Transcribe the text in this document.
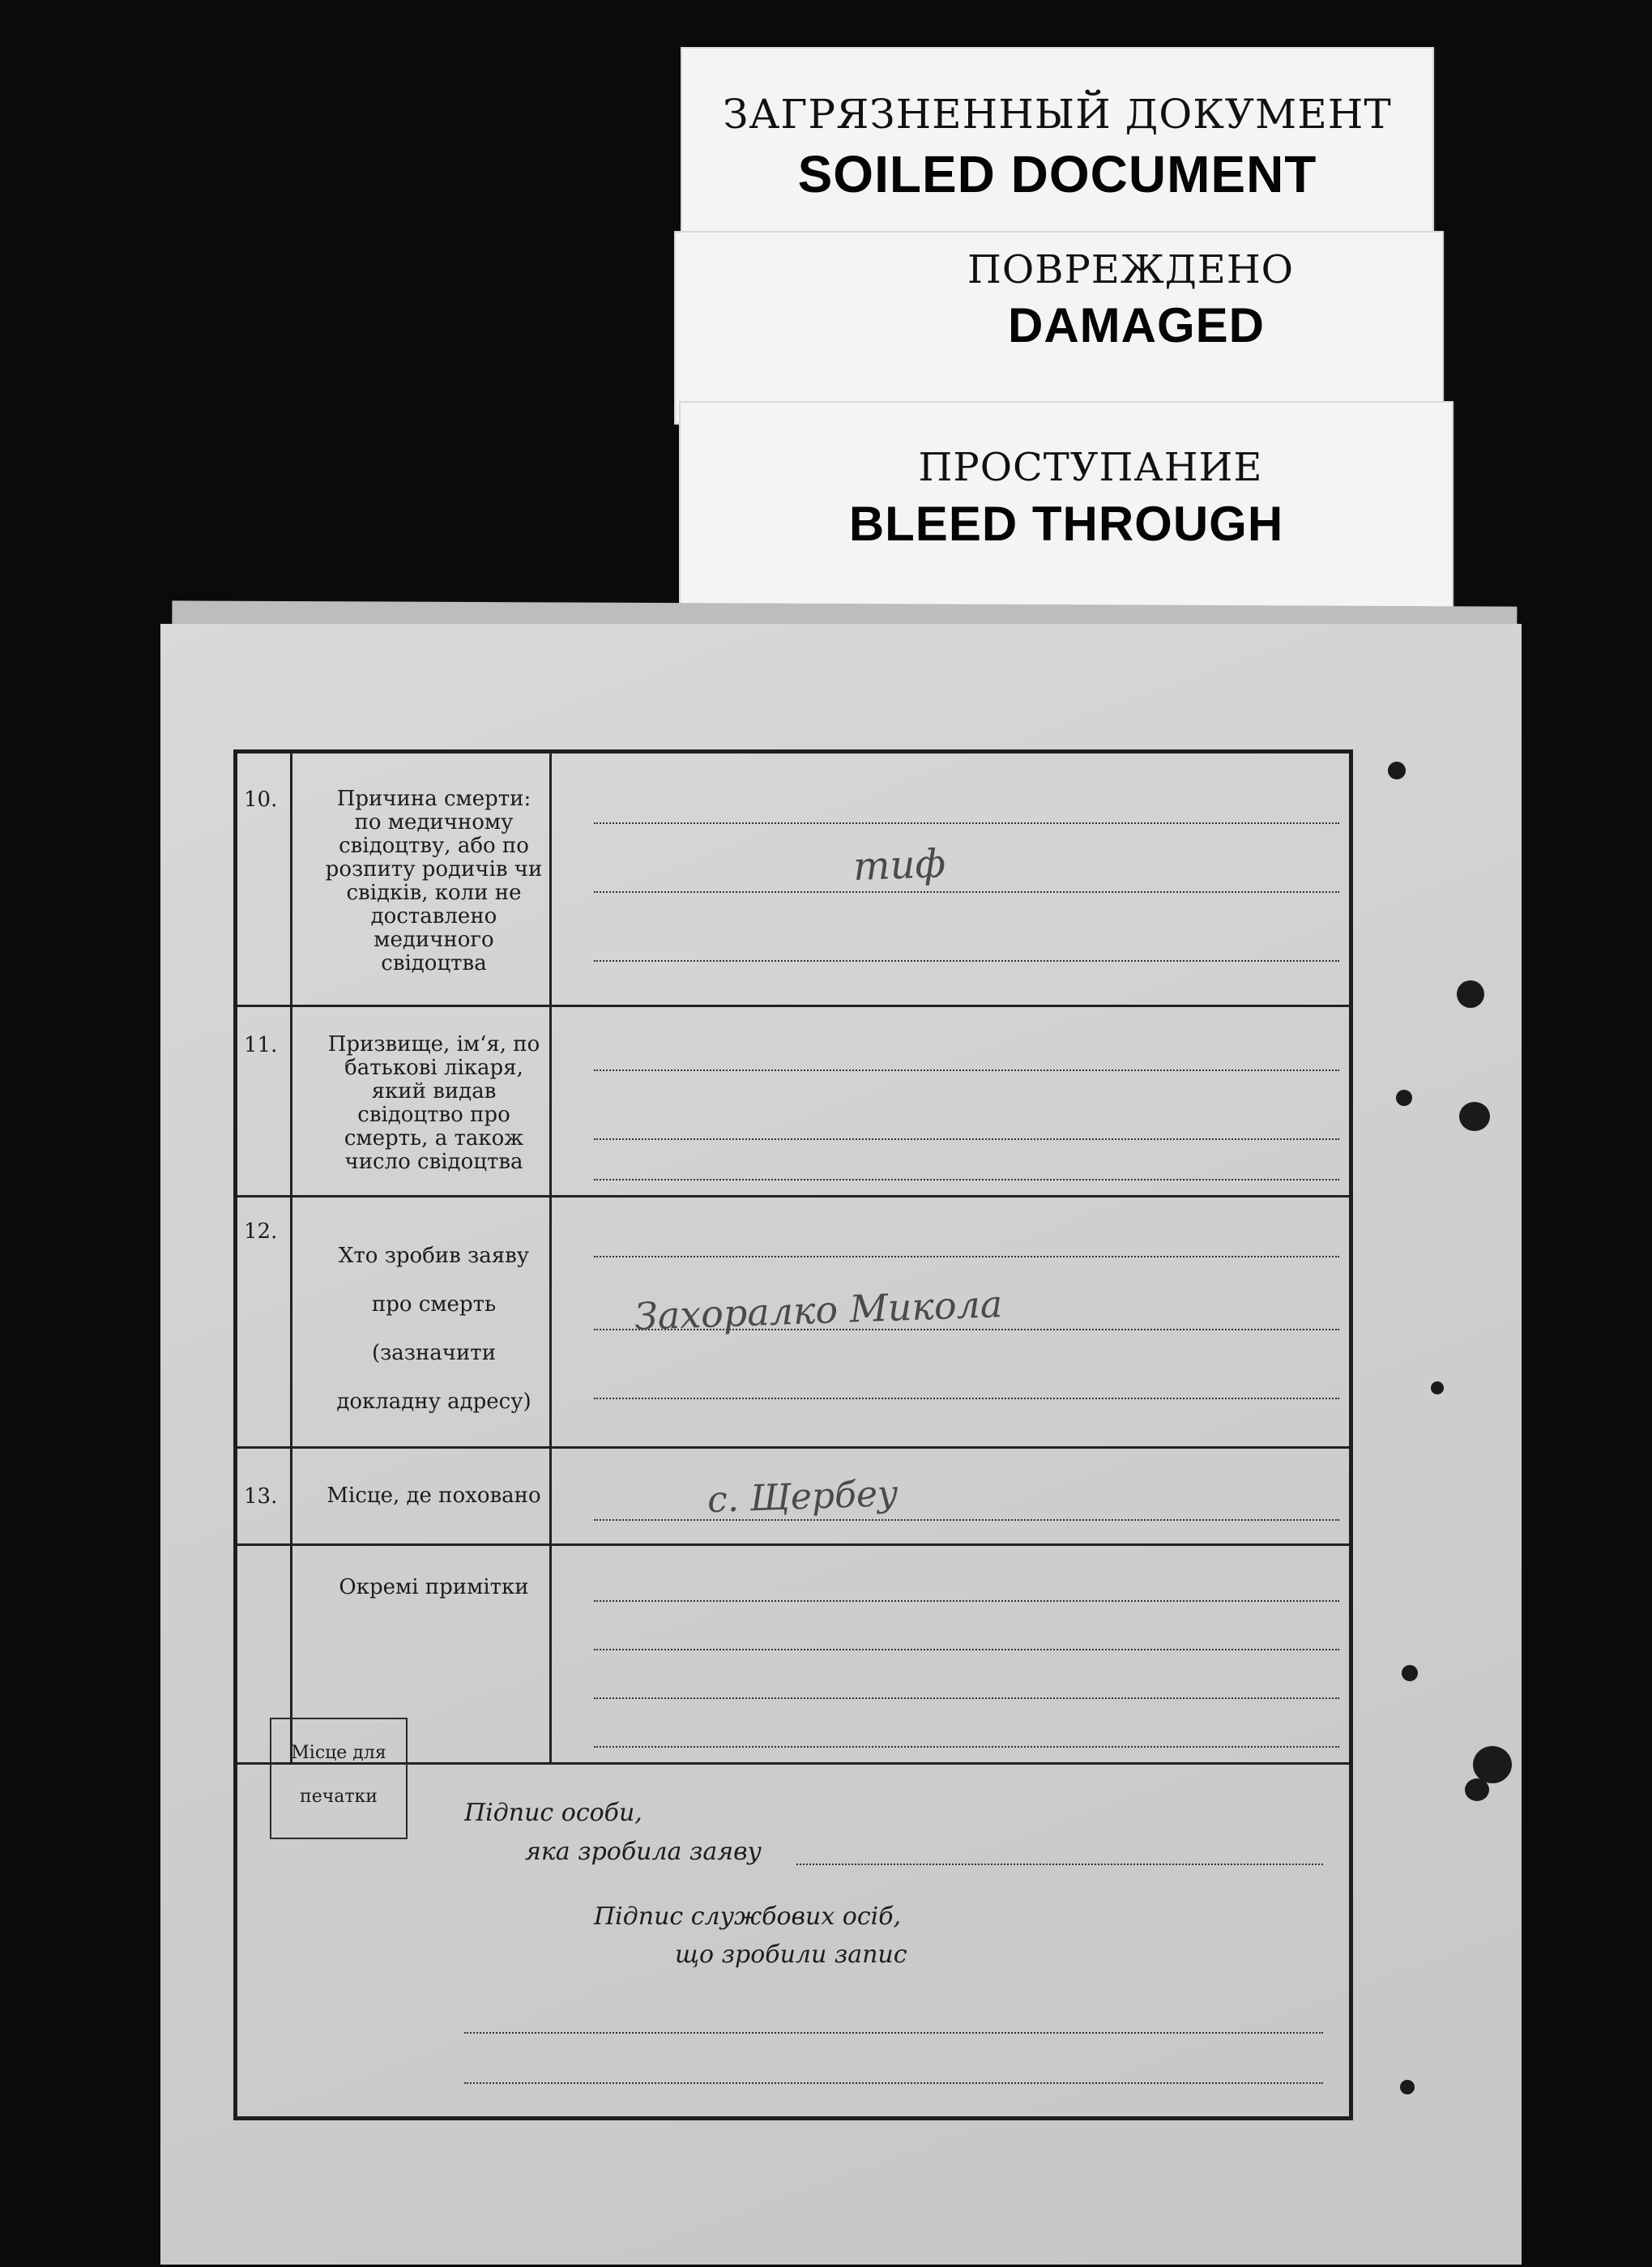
ЗАГРЯЗНЕННЫЙ ДОКУМЕНТ
SOILED DOCUMENT
ПОВРЕЖДЕНО
DAMAGED
ПРОСТУПАНИЕ
BLEED THROUGH
10.	Причина смерти: по медичному свідоцтву, або по розпиту родичів чи свідків, коли не доставлено медичного свідоцтва
тиф
11. Призвище, імʻя, по батькові лікаря, який видав свідоцтво про смерть, а також число свідоцтва
12.
Хто зробив заяву про смерть (зазначити докладну адресу)
Захоралко Микола
13. Місце, де поховано	с. Щербеу
Окремі примітки
Підпис особи,
яка зробила заяву
Підпис службових осіб,
що зробили запис
Місце для
печатки
